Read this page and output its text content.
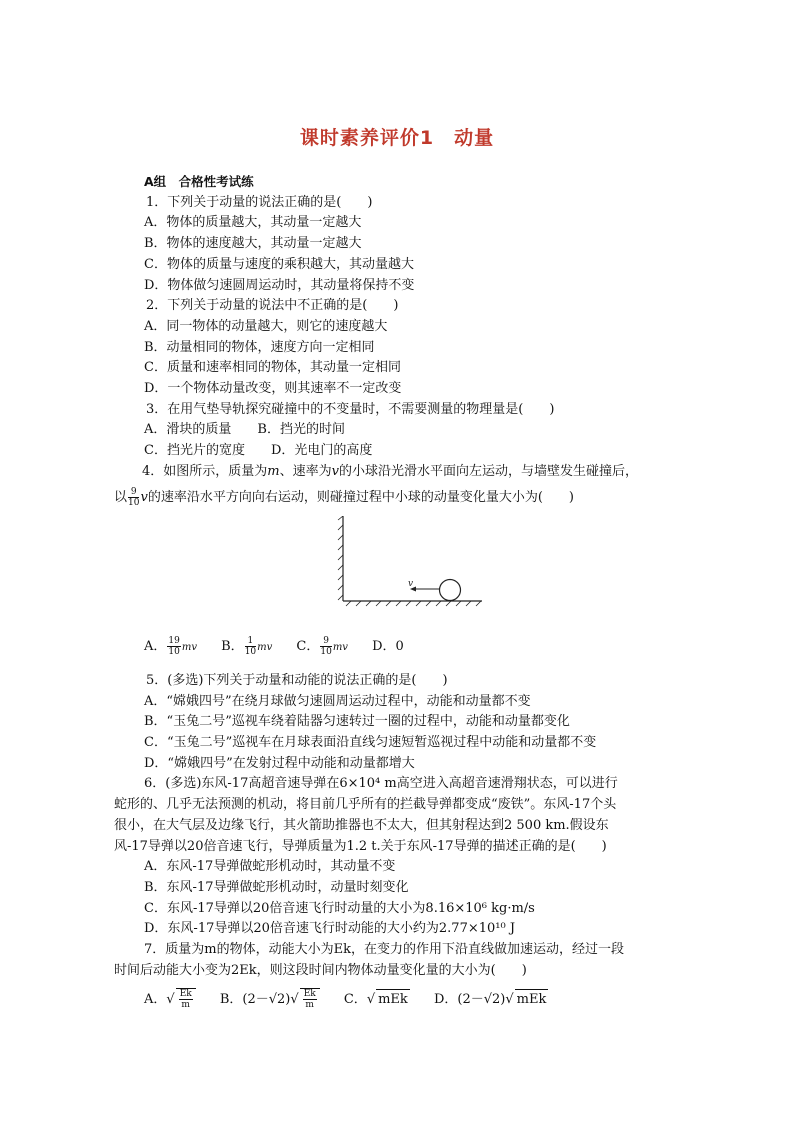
课时素养评价1　动量
A组　合格性考试练
1．下列关于动量的说法正确的是(　　)
A．物体的质量越大，其动量一定越大
B．物体的速度越大，其动量一定越大
C．物体的质量与速度的乘积越大，其动量越大
D．物体做匀速圆周运动时，其动量将保持不变
2．下列关于动量的说法中不正确的是(　　)
A．同一物体的动量越大，则它的速度越大
B．动量相同的物体，速度方向一定相同
C．质量和速率相同的物体，其动量一定相同
D．一个物体动量改变，则其速率不一定改变
3．在用气垫导轨探究碰撞中的不变量时，不需要测量的物理量是(　　)
A．滑块的质量　　B．挡光的时间
C．挡光片的宽度　　D．光电门的高度
4．如图所示，质量为m、速率为v的小球沿光滑水平面向左运动，与墙壁发生碰撞后，
以 $\frac{9}{10}$ v的速率沿水平方向向右运动，则碰撞过程中小球的动量变化量大小为(　　)
v
A． $\frac{19}{10}$ mv B． $\frac{1}{10}$ mv C． $\frac{9}{10}$ mv D．0
5．(多选)下列关于动量和动能的说法正确的是(　　)
A．“嫦娥四号”在绕月球做匀速圆周运动过程中，动能和动量都不变
B．“玉兔二号”巡视车绕着陆器匀速转过一圈的过程中，动能和动量都变化
C．“玉兔二号”巡视车在月球表面沿直线匀速短暂巡视过程中动能和动量都不变
D．“嫦娥四号”在发射过程中动能和动量都增大
6．(多选)东风-17高超音速导弹在6×10⁴ m高空进入高超音速滑翔状态，可以进行蛇形的、几乎无法预测的机动，将目前几乎所有的拦截导弹都变成“废铁”。东风-17个头很小，在大气层及边缘飞行，其火箭助推器也不太大，但其射程达到2 500 km.假设东风-17导弹以20倍音速飞行，导弹质量为1.2 t.关于东风-17导弹的描述正确的是(　　)
A．东风-17导弹做蛇形机动时，其动量不变
B．东风-17导弹做蛇形机动时，动量时刻变化
C．东风-17导弹以20倍音速飞行时动量的大小为8.16×10⁶ kg·m/s
D．东风-17导弹以20倍音速飞行时动能的大小约为2.77×10¹⁰ J
7．质量为m的物体，动能大小为Ek，在变力的作用下沿直线做加速运动，经过一段时间后动能大小变为2Ek，则这段时间内物体动量变化量的大小为(　　)
A．√ $\frac{Ek}{m}$ B．$(2-√2)√ \frac{Ek}{m}$ C．√ mEk D．(2－√2)√ mEk
